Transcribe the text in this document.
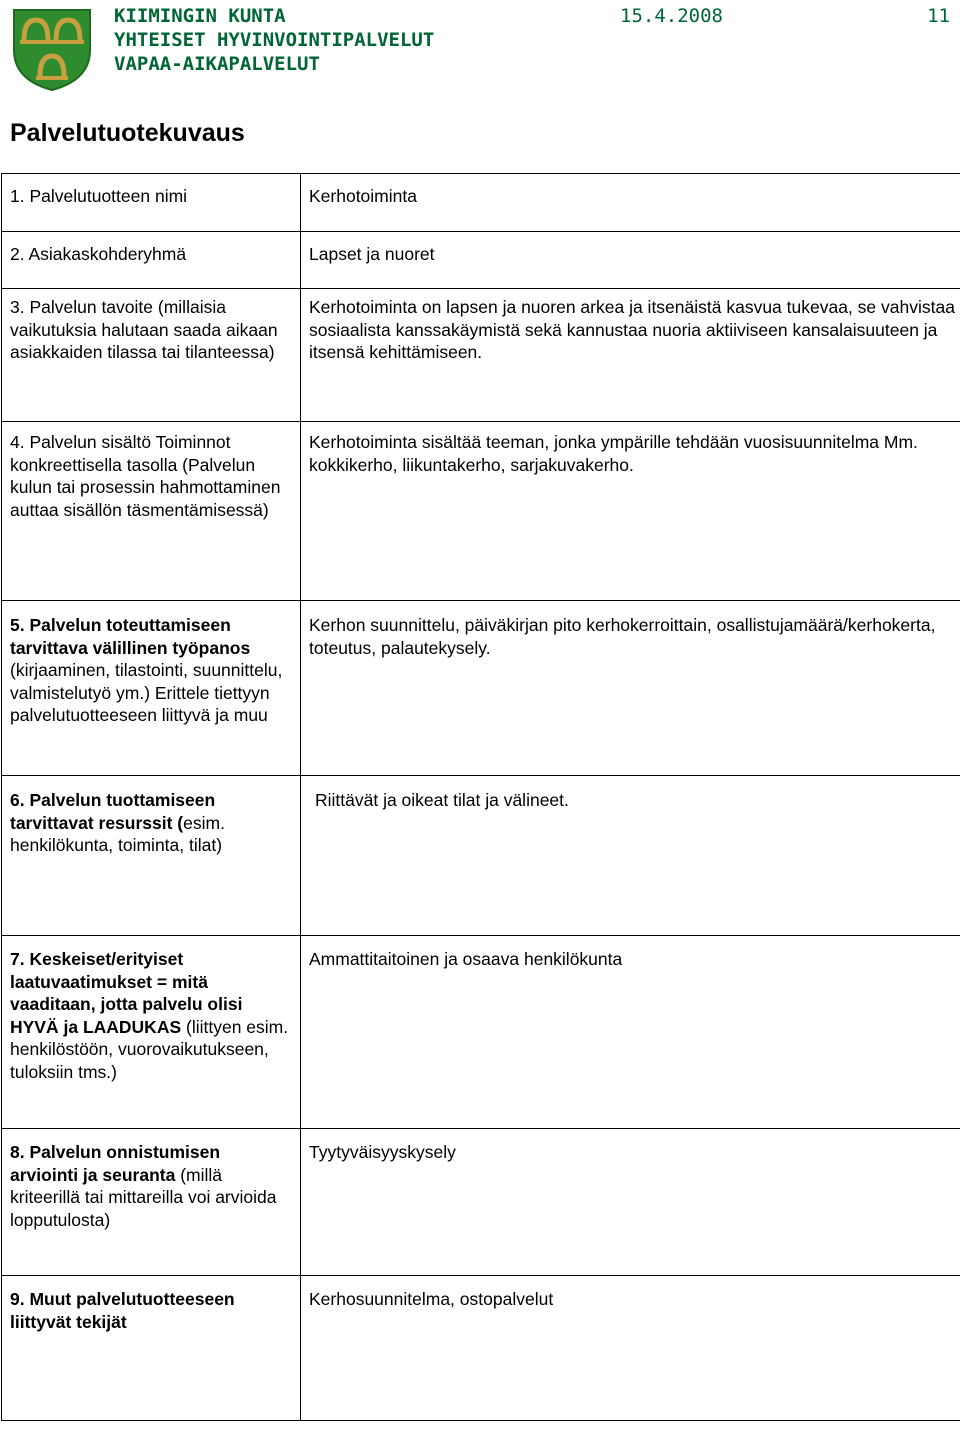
KIIMINGIN KUNTA
YHTEISET HYVINVOINTIPALVELUT
VAPAA-AIKAPALVELUT
15.4.2008	11
Palvelutuotekuvaus
1. Palvelutuotteen nimi	Kerhotoiminta
2. Asiakaskohderyhmä	Lapset ja nuoret
3. Palvelun tavoite (millaisia vaikutuksia halutaan saada aikaan asiakkaiden tilassa tai tilanteessa)	Kerhotoiminta on lapsen ja nuoren arkea ja itsenäistä kasvua tukevaa, se vahvistaa sosiaalista kanssakäymistä sekä kannustaa nuoria aktiiviseen kansalaisuuteen ja itsensä kehittämiseen.
4. Palvelun sisältö Toiminnot konkreettisella tasolla (Palvelun kulun tai prosessin hahmottaminen auttaa sisällön täsmentämisessä)	Kerhotoiminta sisältää teeman, jonka ympärille tehdään vuosisuunnitelma Mm. kokkikerho, liikuntakerho, sarjakuvakerho.
5. Palvelun toteuttamiseen tarvittava välillinen työpanos (kirjaaminen, tilastointi, suunnittelu, valmistelutyö ym.) Erittele tiettyyn palvelutuotteeseen liittyvä ja muu	Kerhon suunnittelu, päiväkirjan pito kerhokerroittain, osallistujamäärä/kerhokerta, toteutus, palautekysely.
6. Palvelun tuottamiseen tarvittavat resurssit (esim. henkilökunta, toiminta, tilat)	Riittävät ja oikeat tilat ja välineet.
7. Keskeiset/erityiset laatuvaatimukset = mitä vaaditaan, jotta palvelu olisi HYVÄ ja LAADUKAS (liittyen esim. henkilöstöön, vuorovaikutukseen, tuloksiin tms.)	Ammattitaitoinen ja osaava henkilökunta
8. Palvelun onnistumisen arviointi ja seuranta (millä kriteerillä tai mittareilla voi arvioida lopputulosta)	Tyytyväisyyskysely
9. Muut palvelutuotteeseen liittyvät tekijät	Kerhosuunnitelma, ostopalvelut
